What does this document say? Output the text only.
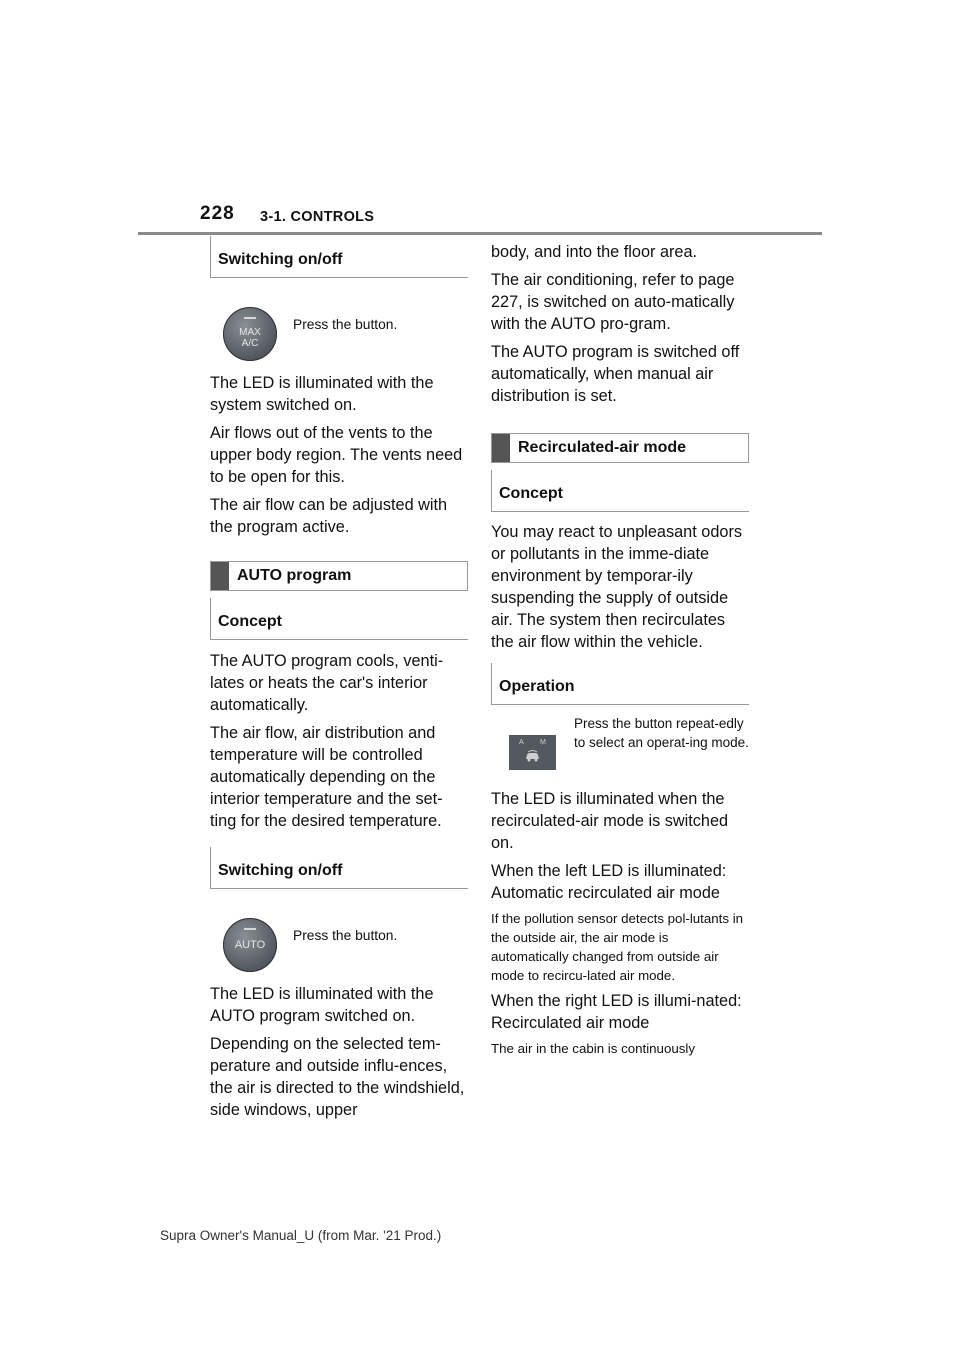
228 3-1. CONTROLS
Switching on/off
MAX A/C
Press the button.

The LED is illuminated with the system switched on.

Air flows out of the vents to the upper body region. The vents need to be open for this.

The air flow can be adjusted with the program active.

AUTO program
Concept

The AUTO program cools, venti-lates or heats the car's interior automatically.

The air flow, air distribution and temperature will be controlled automatically depending on the interior temperature and the set-ting for the desired temperature.

Switching on/off
AUTO
Press the button.

The LED is illuminated with the AUTO program switched on.

Depending on the selected tem-perature and outside influ-ences, the air is directed to the windshield, side windows, upper

body, and into the floor area.

The air conditioning, refer to page 227, is switched on auto-matically with the AUTO pro-gram.

The AUTO program is switched off automatically, when manual air distribution is set.

Recirculated-air mode
Concept

You may react to unpleasant odors or pollutants in the imme-diate environment by temporar-ily suspending the supply of outside air. The system then recirculates the air flow within the vehicle.

Operation
A M
Press the button repeat-edly to select an operat-ing mode.

The LED is illuminated when the recirculated-air mode is switched on.

When the left LED is illuminated: Automatic recirculated air mode

If the pollution sensor detects pol-lutants in the outside air, the air mode is automatically changed from outside air mode to recircu-lated air mode.

When the right LED is illumi-nated: Recirculated air mode

The air in the cabin is continuously

Supra Owner's Manual_U (from Mar. '21 Prod.)
